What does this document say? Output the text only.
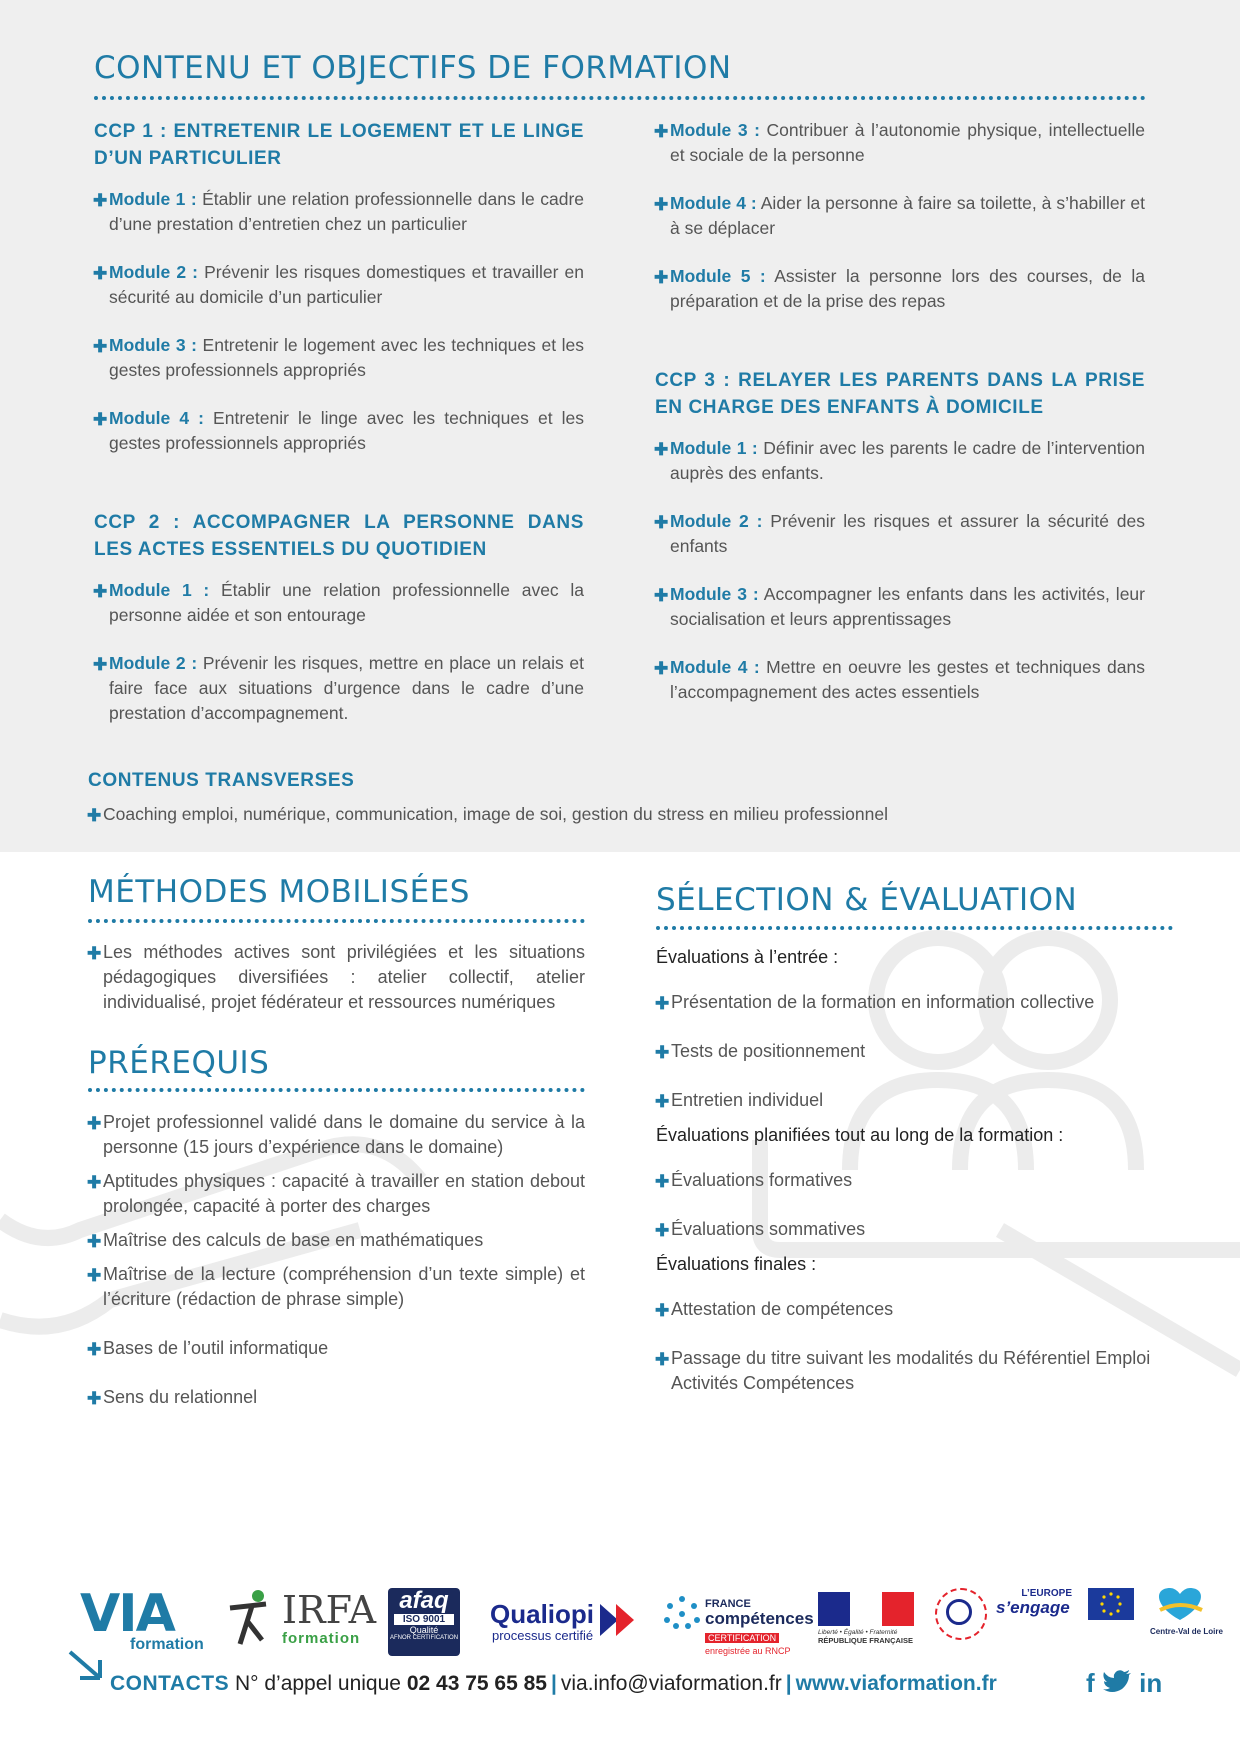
CONTENU ET OBJECTIFS DE FORMATION

CCP 1 : ENTRETENIR LE LOGEMENT ET LE LINGE D’UN PARTICULIER

✚ Module 1 : Établir une relation professionnelle dans le cadre d’une prestation d’entretien chez un particulier
✚ Module 2 : Prévenir les risques domestiques et travailler en sécurité au domicile d’un particulier
✚ Module 3 : Entretenir le logement avec les techniques et les gestes professionnels appropriés
✚ Module 4 : Entretenir le linge avec les techniques et les gestes professionnels appropriés

CCP 2 : ACCOMPAGNER LA PERSONNE DANS LES ACTES ESSENTIELS DU QUOTIDIEN

✚ Module 1 : Établir une relation professionnelle avec la personne aidée et son entourage
✚ Module 2 : Prévenir les risques, mettre en place un relais et faire face aux situations d’urgence dans le cadre d’une prestation d’accompagnement.
✚ Module 3 : Contribuer à l’autonomie physique, intellectuelle et sociale de la personne
✚ Module 4 : Aider la personne à faire sa toilette, à s’habiller et à se déplacer
✚ Module 5 : Assister la personne lors des courses, de la préparation et de la prise des repas

CCP 3 : RELAYER LES PARENTS DANS LA PRISE EN CHARGE DES ENFANTS À DOMICILE

✚ Module 1 : Définir avec les parents le cadre de l’intervention auprès des enfants.
✚ Module 2 : Prévenir les risques et assurer la sécurité des enfants
✚ Module 3 : Accompagner les enfants dans les activités, leur socialisation et leurs apprentissages
✚ Module 4 : Mettre en oeuvre les gestes et techniques dans l’accompagnement des actes essentiels

CONTENUS TRANSVERSES

✚ Coaching emploi, numérique, communication, image de soi, gestion du stress en milieu professionnel
MÉTHODES MOBILISÉES
✚ Les méthodes actives sont privilégiées et les situations pédagogiques diversifiées : atelier collectif, atelier individualisé, projet fédérateur et ressources numériques
PRÉREQUIS
✚ Projet professionnel validé dans le domaine du service à la personne (15 jours d’expérience dans le domaine)
✚ Aptitudes physiques : capacité à travailler en station debout prolongée, capacité à porter des charges
✚ Maîtrise des calculs de base en mathématiques
✚ Maîtrise de la lecture (compréhension d’un texte simple) et l’écriture (rédaction de phrase simple)
✚ Bases de l’outil informatique
✚ Sens du relationnel
SÉLECTION & ÉVALUATION

Évaluations à l’entrée :

✚ Présentation de la formation en information collective
✚ Tests de positionnement
✚ Entretien individuel

Évaluations planifiées tout au long de la formation :

✚ Évaluations formatives
✚ Évaluations sommatives

Évaluations finales :

✚ Attestation de compétences
✚ Passage du titre suivant les modalités du Référentiel Emploi Activités Compétences
VIA
formation
IRFA
formation
afaq
ISO 9001
Qualité
AFNOR CERTIFICATION
Qualiopi
processus certifié
FRANCE
compétences
CERTIFICATION
enregistrée au RNCP
Liberté • Égalité • Fraternité
RÉPUBLIQUE FRANÇAISE
L’EUROPE
s’engage
Centre-Val de Loire
CONTACTS N° d’appel unique 02 43 75 65 85 | via.info@viaformation.fr | www.viaformation.fr	f in
